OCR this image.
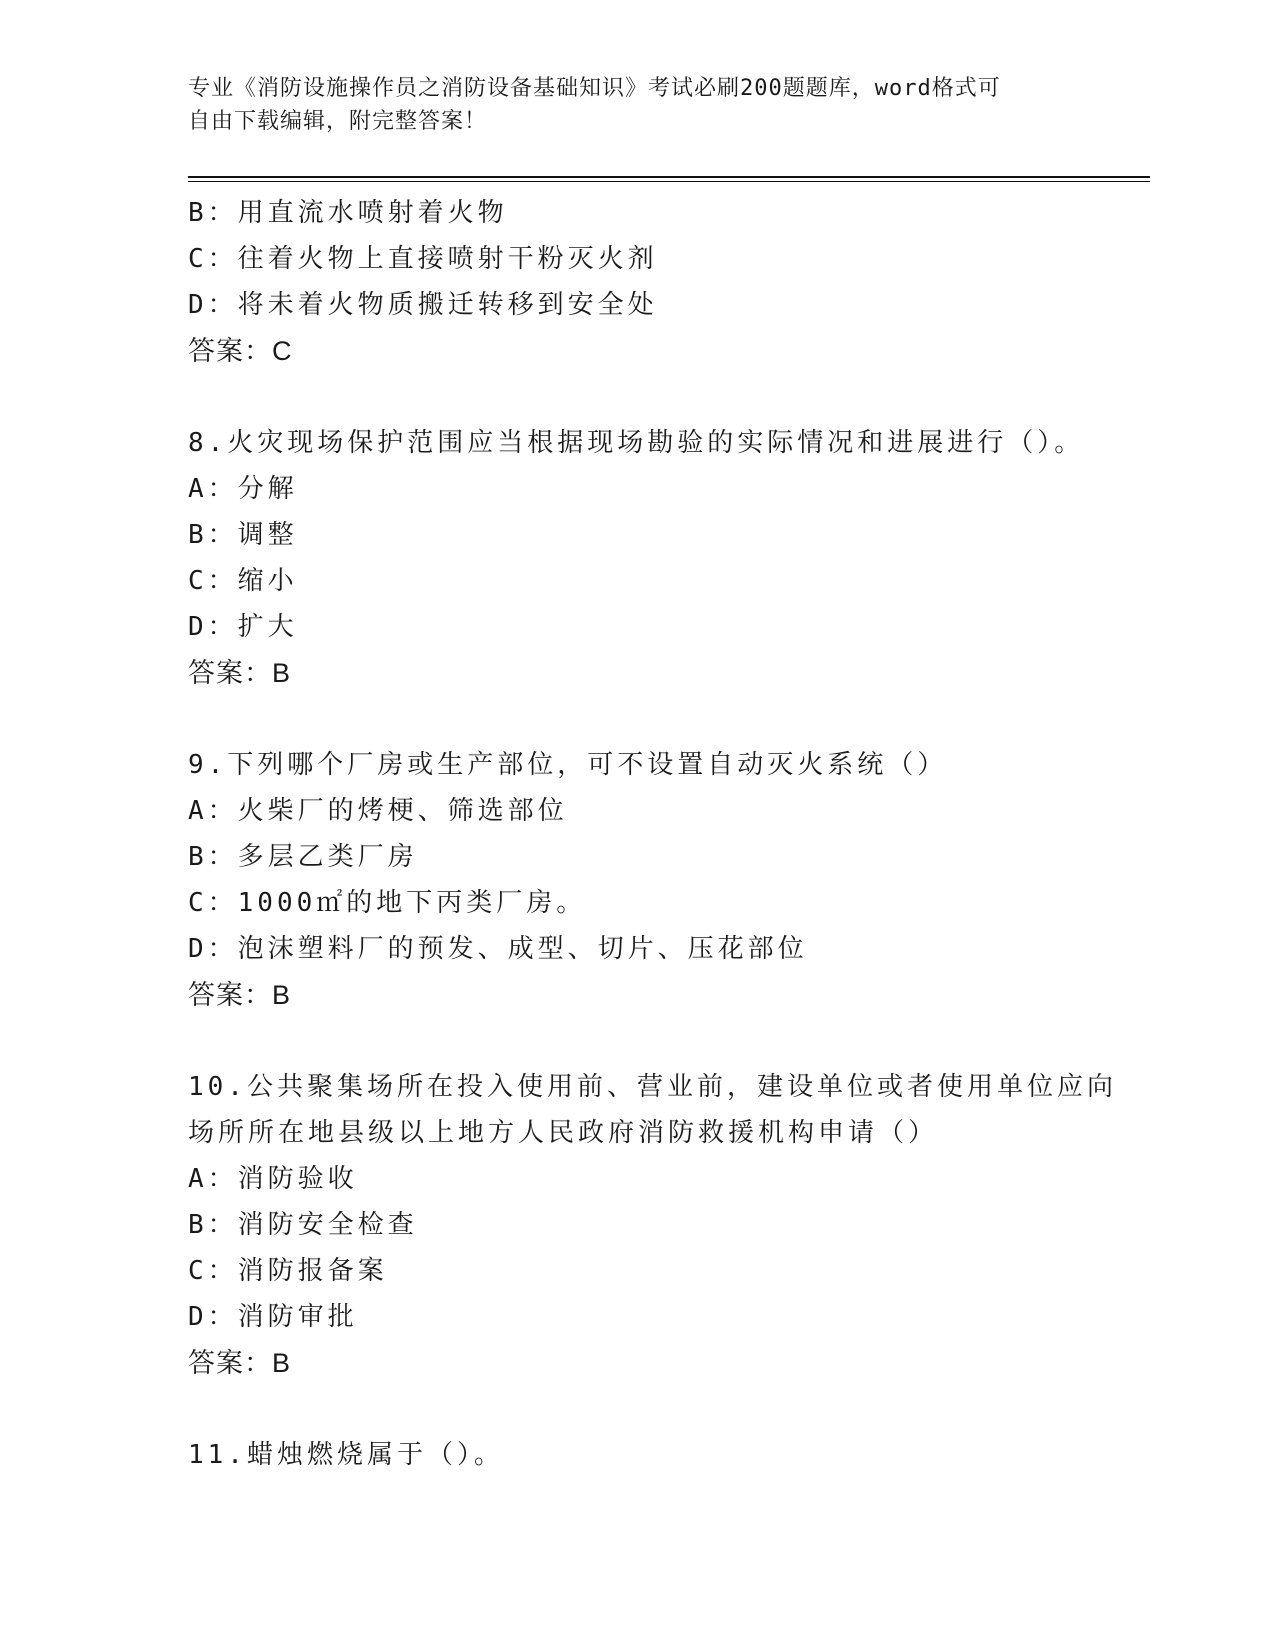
专业《消防设施操作员之消防设备基础知识》考试必刷200题题库，word格式可
自由下载编辑，附完整答案！
B：用直流水喷射着火物
C：往着火物上直接喷射干粉灭火剂
D：将未着火物质搬迁转移到安全处
答案：C
8.火灾现场保护范围应当根据现场勘验的实际情况和进展进行（）。
A：分解
B：调整
C：缩小
D：扩大
答案：B
9.下列哪个厂房或生产部位，可不设置自动灭火系统（）
A：火柴厂的烤梗、筛选部位
B：多层乙类厂房
C：1000㎡的地下丙类厂房。
D：泡沫塑料厂的预发、成型、切片、压花部位
答案：B
10.公共聚集场所在投入使用前、营业前，建设单位或者使用单位应向
场所所在地县级以上地方人民政府消防救援机构申请（）
A：消防验收
B：消防安全检查
C：消防报备案
D：消防审批
答案：B
11.蜡烛燃烧属于（）。
